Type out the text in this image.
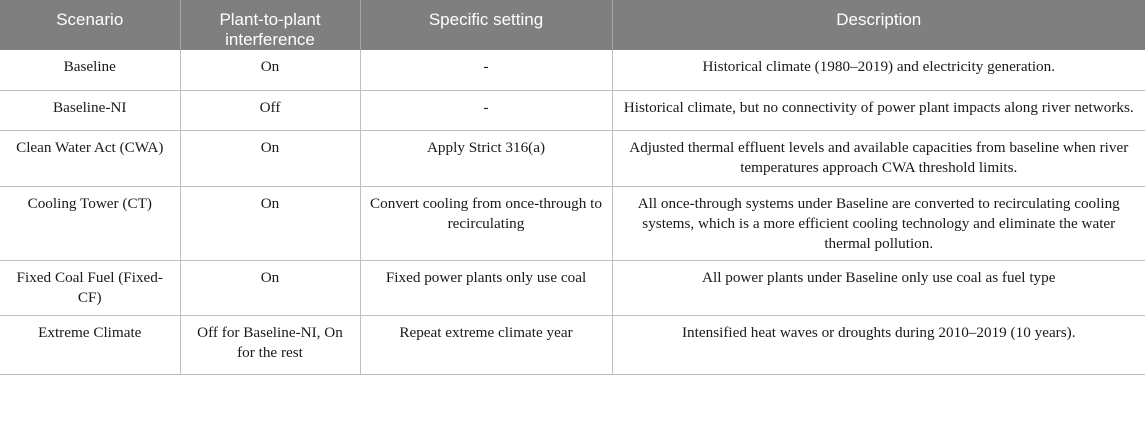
Scenario	Plant-to-plant interference	Specific setting	Description
Baseline	On	-	Historical climate (1980–2019) and electricity generation.
Baseline-NI	Off	-	Historical climate, but no connectivity of power plant impacts along river networks.
Clean Water Act (CWA)	On	Apply Strict 316(a)	Adjusted thermal effluent levels and available capacities from baseline when river temperatures approach CWA threshold limits.
Cooling Tower (CT)	On	Convert cooling from once-through to recirculating	All once-through systems under Baseline are converted to recirculating cooling systems, which is a more efficient cooling technology and eliminate the water thermal pollution.
Fixed Coal Fuel (Fixed-CF)	On	Fixed power plants only use coal	All power plants under Baseline only use coal as fuel type
Extreme Climate	Off for Baseline-NI, On for the rest	Repeat extreme climate year	Intensified heat waves or droughts during 2010–2019 (10 years).
